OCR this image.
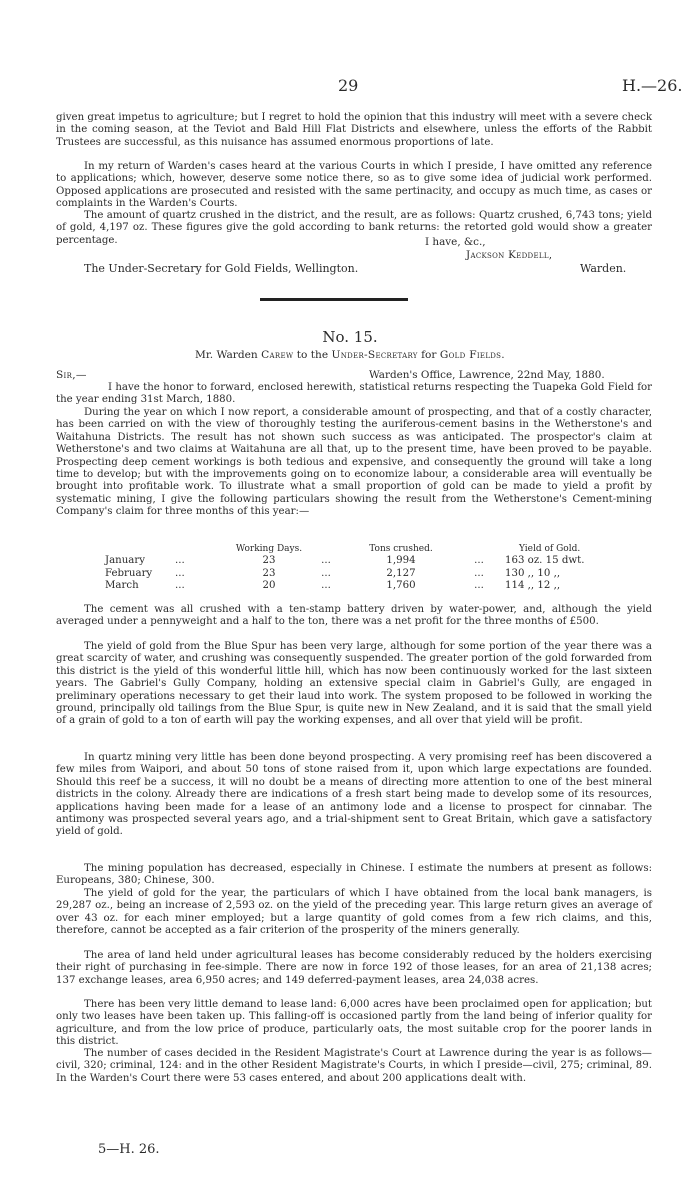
29	H.—26.

given great impetus to agriculture; but I regret to hold the opinion that this industry will meet with a severe check in the coming season, at the Teviot and Bald Hill Flat Districts and elsewhere, unless the efforts of the Rabbit Trustees are successful, as this nuisance has assumed enormous proportions of late.

In my return of Warden's cases heard at the various Courts in which I preside, I have omitted any reference to applications; which, however, deserve some notice there, so as to give some idea of judicial work performed. Opposed applications are prosecuted and resisted with the same pertinacity, and occupy as much time, as cases or complaints in the Warden's Courts.

The amount of quartz crushed in the district, and the result, are as follows: Quartz crushed, 6,743 tons; yield of gold, 4,197 oz. These figures give the gold according to bank returns: the retorted gold would show a greater percentage.	I have, &c.,
Jackson Keddell,
The Under-Secretary for Gold Fields, Wellington.	Warden.
No. 15.
Mr. Warden Carew to the Under-Secretary for Gold Fields.
Sir,—	Warden's Office, Lawrence, 22nd May, 1880.

I have the honor to forward, enclosed herewith, statistical returns respecting the Tuapeka Gold Field for the year ending 31st March, 1880.

During the year on which I now report, a considerable amount of prospecting, and that of a costly character, has been carried on with the view of thoroughly testing the auriferous-cement basins in the Wetherstone's and Waitahuna Districts. The result has not shown such success as was anticipated. The prospector's claim at Wetherstone's and two claims at Waitahuna are all that, up to the present time, have been proved to be payable. Prospecting deep cement workings is both tedious and expensive, and consequently the ground will take a long time to develop; but with the improvements going on to economize labour, a considerable area will eventually be brought into profitable work. To illustrate what a small proportion of gold can be made to yield a profit by systematic mining, I give the following particulars showing the result from the Wetherstone's Cement-mining Company's claim for three months of this year:—

		Working Days.		Tons crushed.		Yield of Gold.
January	...	23	...	1,994	...	163 oz. 15 dwt.
February	...	23	...	2,127	...	130 ,, 10 ,,
March	...	20	...	1,760	...	114 ,, 12 ,,

The cement was all crushed with a ten-stamp battery driven by water-power, and, although the yield averaged under a pennyweight and a half to the ton, there was a net profit for the three months of £500.

The yield of gold from the Blue Spur has been very large, although for some portion of the year there was a great scarcity of water, and crushing was consequently suspended. The greater portion of the gold forwarded from this district is the yield of this wonderful little hill, which has now been continuously worked for the last sixteen years. The Gabriel's Gully Company, holding an extensive special claim in Gabriel's Gully, are engaged in preliminary operations necessary to get their laud into work. The system proposed to be followed in working the ground, principally old tailings from the Blue Spur, is quite new in New Zealand, and it is said that the small yield of a grain of gold to a ton of earth will pay the working expenses, and all over that yield will be profit.

In quartz mining very little has been done beyond prospecting. A very promising reef has been discovered a few miles from Waipori, and about 50 tons of stone raised from it, upon which large expectations are founded. Should this reef be a success, it will no doubt be a means of directing more attention to one of the best mineral districts in the colony. Already there are indications of a fresh start being made to develop some of its resources, applications having been made for a lease of an antimony lode and a license to prospect for cinnabar. The antimony was prospected several years ago, and a trial-shipment sent to Great Britain, which gave a satisfactory yield of gold.

The mining population has decreased, especially in Chinese. I estimate the numbers at present as follows: Europeans, 380; Chinese, 300.

The yield of gold for the year, the particulars of which I have obtained from the local bank managers, is 29,287 oz., being an increase of 2,593 oz. on the yield of the preceding year. This large return gives an average of over 43 oz. for each miner employed; but a large quantity of gold comes from a few rich claims, and this, therefore, cannot be accepted as a fair criterion of the prosperity of the miners generally.

The area of land held under agricultural leases has become considerably reduced by the holders exercising their right of purchasing in fee-simple. There are now in force 192 of those leases, for an area of 21,138 acres; 137 exchange leases, area 6,950 acres; and 149 deferred-payment leases, area 24,038 acres.

There has been very little demand to lease land: 6,000 acres have been proclaimed open for application; but only two leases have been taken up. This falling-off is occasioned partly from the land being of inferior quality for agriculture, and from the low price of produce, particularly oats, the most suitable crop for the poorer lands in this district.

The number of cases decided in the Resident Magistrate's Court at Lawrence during the year is as follows—civil, 320; criminal, 124: and in the other Resident Magistrate's Courts, in which I preside—civil, 275; criminal, 89. In the Warden's Court there were 53 cases entered, and about 200 applications dealt with.

5—H. 26.
